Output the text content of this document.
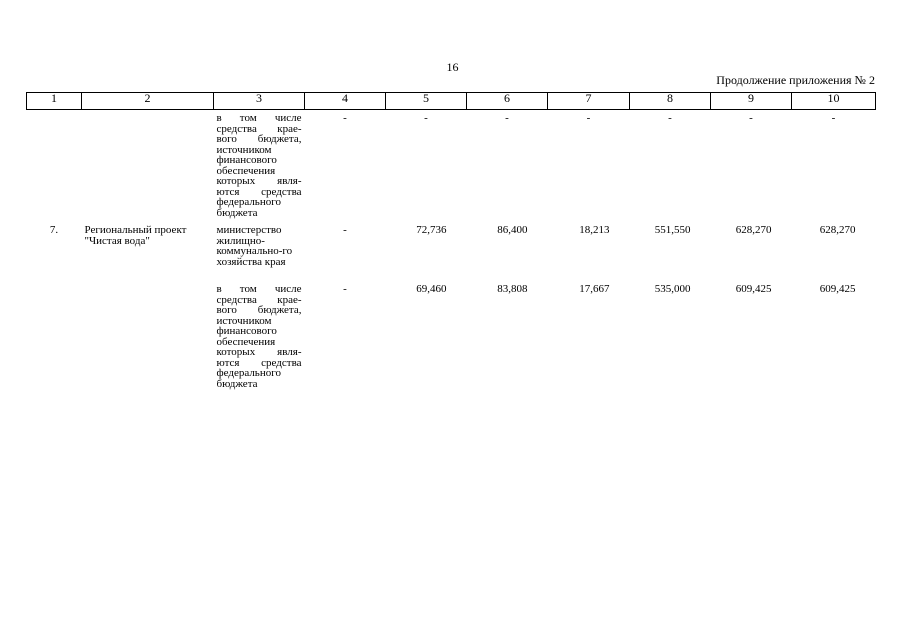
16
Продолжение приложения № 2
1	2	3	4	5	6	7	8	9	10
		в том числе средства крае-вого бюджета, источником финансового обеспечения которых явля-ются средства федерального бюджета	-	-	-	-	-	-	-
7.	Региональный проект "Чистая вода"	министерство жилищно-коммунально-го хозяйства края	-	72,736	86,400	18,213	551,550	628,270	628,270
		в том числе средства крае-вого бюджета, источником финансового обеспечения которых явля-ются средства федерального бюджета	-	69,460	83,808	17,667	535,000	609,425	609,425
